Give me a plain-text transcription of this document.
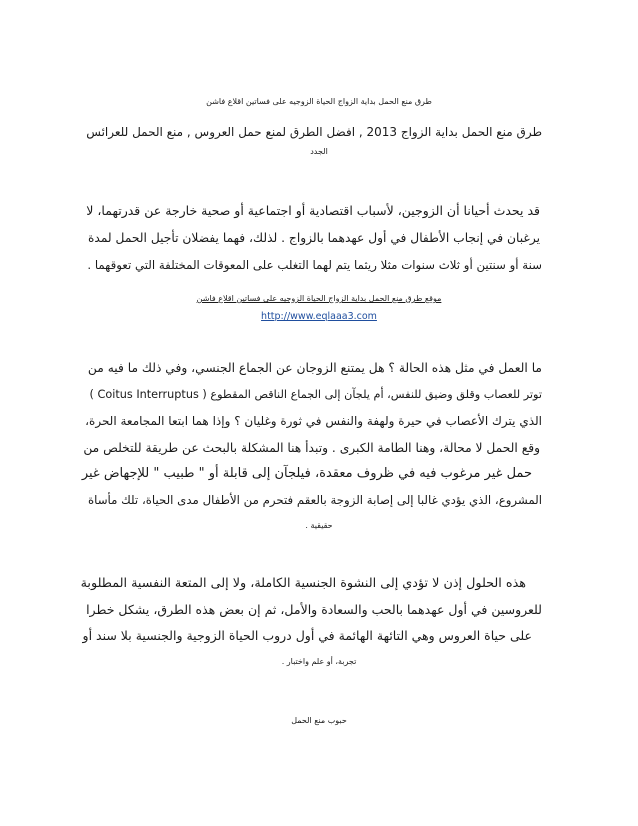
طرق منع الحمل بداية الزواج الحياة الزوجيه على فساتين اقلاع فاشن
طرق منع الحمل بداية الزواج 2013 , افضل الطرق لمنع حمل العروس , منع الحمل للعرائس
الجدد
قد يحدث أحيانا أن الزوجين، لأسباب اقتصادية أو اجتماعية أو صحية خارجة عن قدرتهما، لا
يرغبان في إنجاب الأطفال في أول عهدهما بالزواج . لذلك، فهما يفضلان تأجيل الحمل لمدة
سنة أو سنتين أو ثلاث سنوات مثلا ريثما يتم لهما التغلب على المعوقات المختلفة التي تعوقهما .
موقع طرق منع الحمل بداية الزواج الحياة الزوجيه على فساتين اقلاع فاشن
http://www.eqlaaa3.com
ما العمل في مثل هذه الحالة ؟ هل يمتنع الزوجان عن الجماع الجنسي، وفي ذلك ما فيه من
توتر للعصاب وقلق وضيق للنفس، أم يلجآن إلى الجماع الناقص المقطوع ( Coitus Interruptus )
الذي يترك الأعصاب في حيرة ولهفة والنفس في ثورة وغليان ؟ وإذا هما ابتعا المجامعة الحرة،
وقع الحمل لا محالة، وهنا الطامة الكبرى . وتبدأ هنا المشكلة بالبحث عن طريقة للتخلص من
حمل غير مرغوب فيه في ظروف معقدة، فيلجآن إلى قابلة أو " طبيب " للإجهاض غير
المشروع، الذي يؤدي غالبا إلى إصابة الزوجة بالعقم فتحرم من الأطفال مدى الحياة، تلك مأساة
حقيقية .
هذه الحلول إذن لا تؤدي إلى النشوة الجنسية الكاملة، ولا إلى المتعة النفسية المطلوبة
للعروسين في أول عهدهما بالحب والسعادة والأمل، ثم إن بعض هذه الطرق، يشكل خطرا
على حياة العروس وهي التائهة الهائمة في أول دروب الحياة الزوجية والجنسية بلا سند أو
تجربة، أو علم واختبار .
حبوب منع الحمل
